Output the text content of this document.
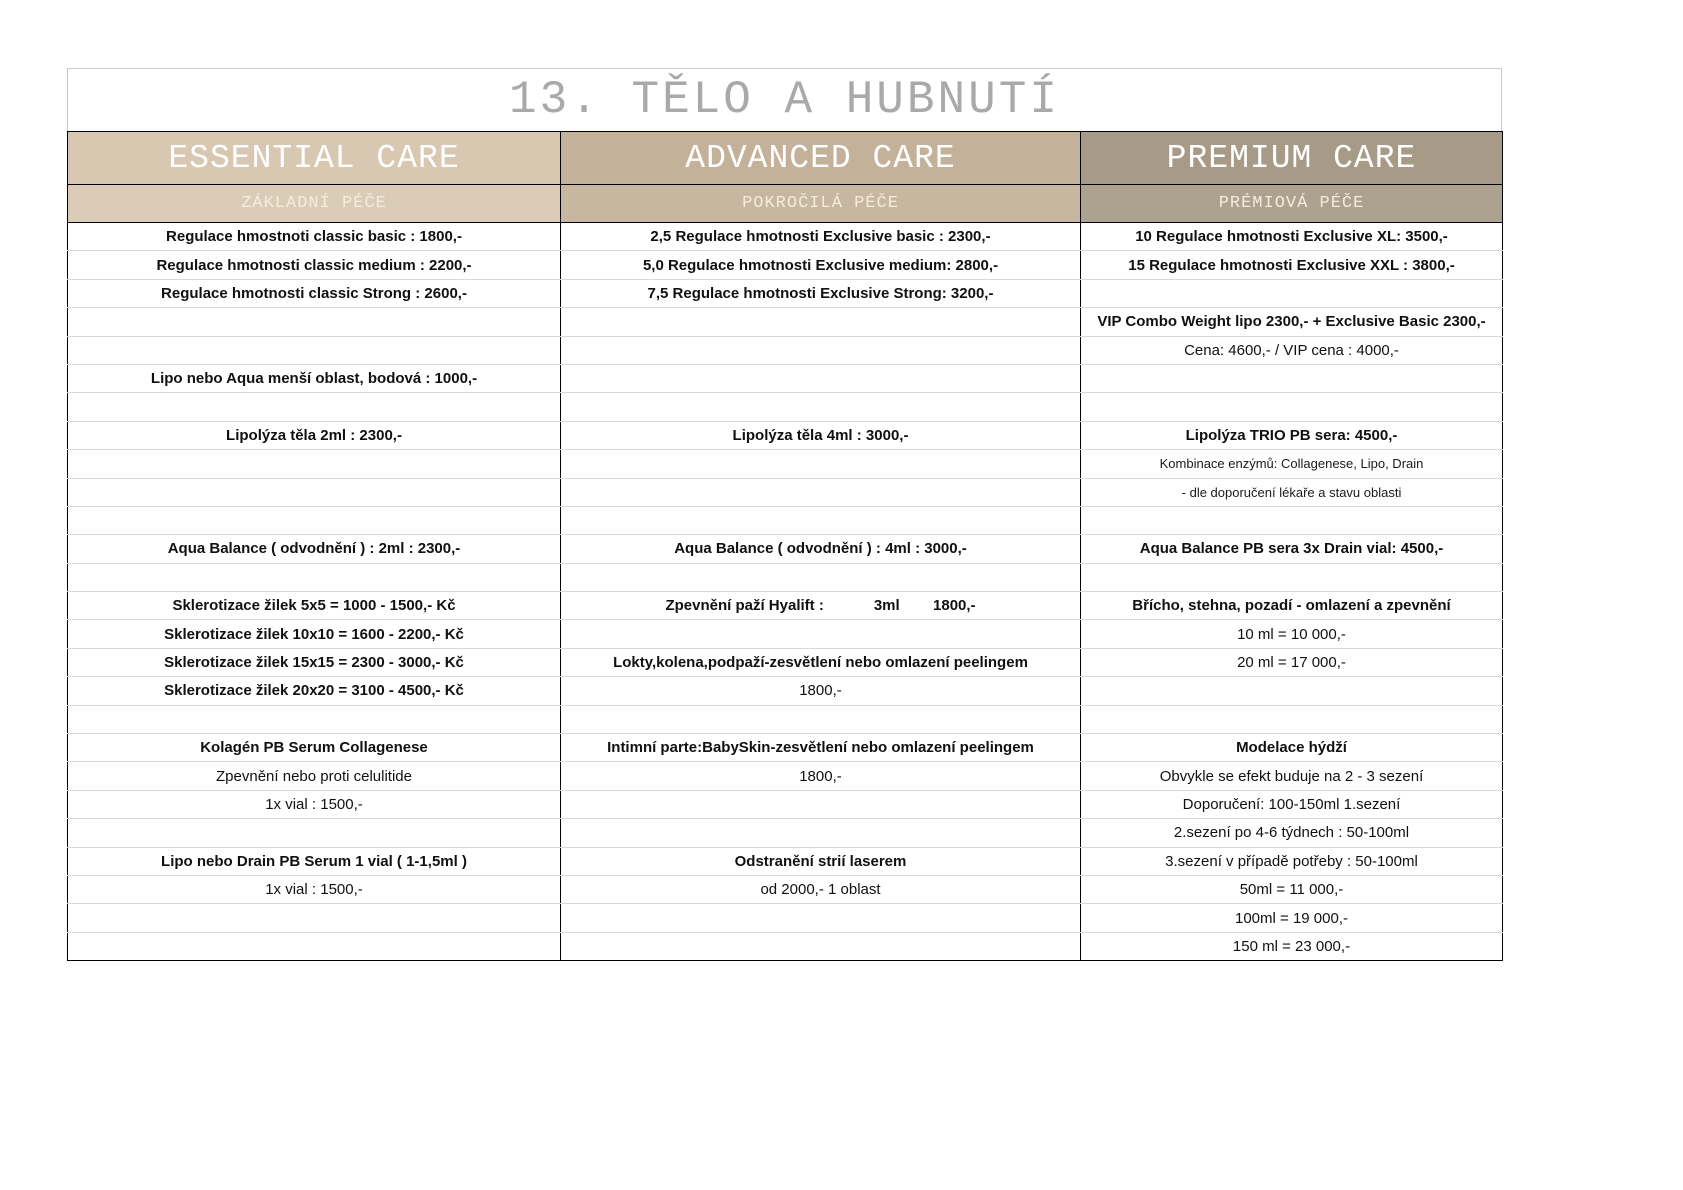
13. TĚLO A HUBNUTÍ
ESSENTIAL CARE	ADVANCED CARE	PREMIUM CARE
ZÁKLADNÍ PÉČE	POKROČILÁ PÉČE	PRÉMIOVÁ PÉČE
Regulace hmostnoti classic basic : 1800,-	2,5 Regulace hmotnosti Exclusive basic : 2300,-	10 Regulace hmotnosti Exclusive XL: 3500,-
Regulace hmotnosti classic medium : 2200,-	5,0 Regulace hmotnosti Exclusive medium: 2800,-	15 Regulace hmotnosti Exclusive XXL : 3800,-
Regulace hmotnosti classic Strong : 2600,-	7,5 Regulace hmotnosti Exclusive Strong: 3200,-	
		VIP Combo Weight lipo 2300,- + Exclusive Basic 2300,-
		Cena: 4600,- / VIP cena : 4000,-
Lipo nebo Aqua menší oblast, bodová : 1000,-		

Lipolýza těla 2ml : 2300,-	Lipolýza těla 4ml : 3000,-	Lipolýza TRIO PB sera: 4500,-
		Kombinace enzýmů: Collagenese, Lipo, Drain
		- dle doporučení lékaře a stavu oblasti

Aqua Balance ( odvodnění ) : 2ml : 2300,-	Aqua Balance ( odvodnění ) : 4ml : 3000,-	Aqua Balance PB sera 3x Drain vial: 4500,-

Sklerotizace žilek 5x5 = 1000 - 1500,- Kč	Zpevnění paží Hyalift :            3ml        1800,-	Břícho, stehna, pozadí - omlazení a zpevnění
Sklerotizace žilek 10x10 = 1600 - 2200,- Kč		10 ml = 10 000,-
Sklerotizace žilek 15x15 = 2300 - 3000,- Kč	Lokty,kolena,podpaží-zesvětlení nebo omlazení peelingem	20 ml = 17 000,-
Sklerotizace žilek 20x20 = 3100 - 4500,- Kč	1800,-	

Kolagén PB Serum Collagenese	Intimní parte:BabySkin-zesvětlení nebo omlazení peelingem	Modelace hýdží
Zpevnění nebo proti celulitide	1800,-	Obvykle se efekt buduje na 2 - 3 sezení
1x vial : 1500,-		Doporučení: 100-150ml 1.sezení
		2.sezení po 4-6 týdnech : 50-100ml
Lipo nebo Drain PB Serum 1 vial ( 1-1,5ml )	Odstranění strií laserem	3.sezení v případě potřeby : 50-100ml
1x vial : 1500,-	od 2000,- 1 oblast	50ml = 11 000,-
		100ml = 19 000,-
		150 ml = 23 000,-
